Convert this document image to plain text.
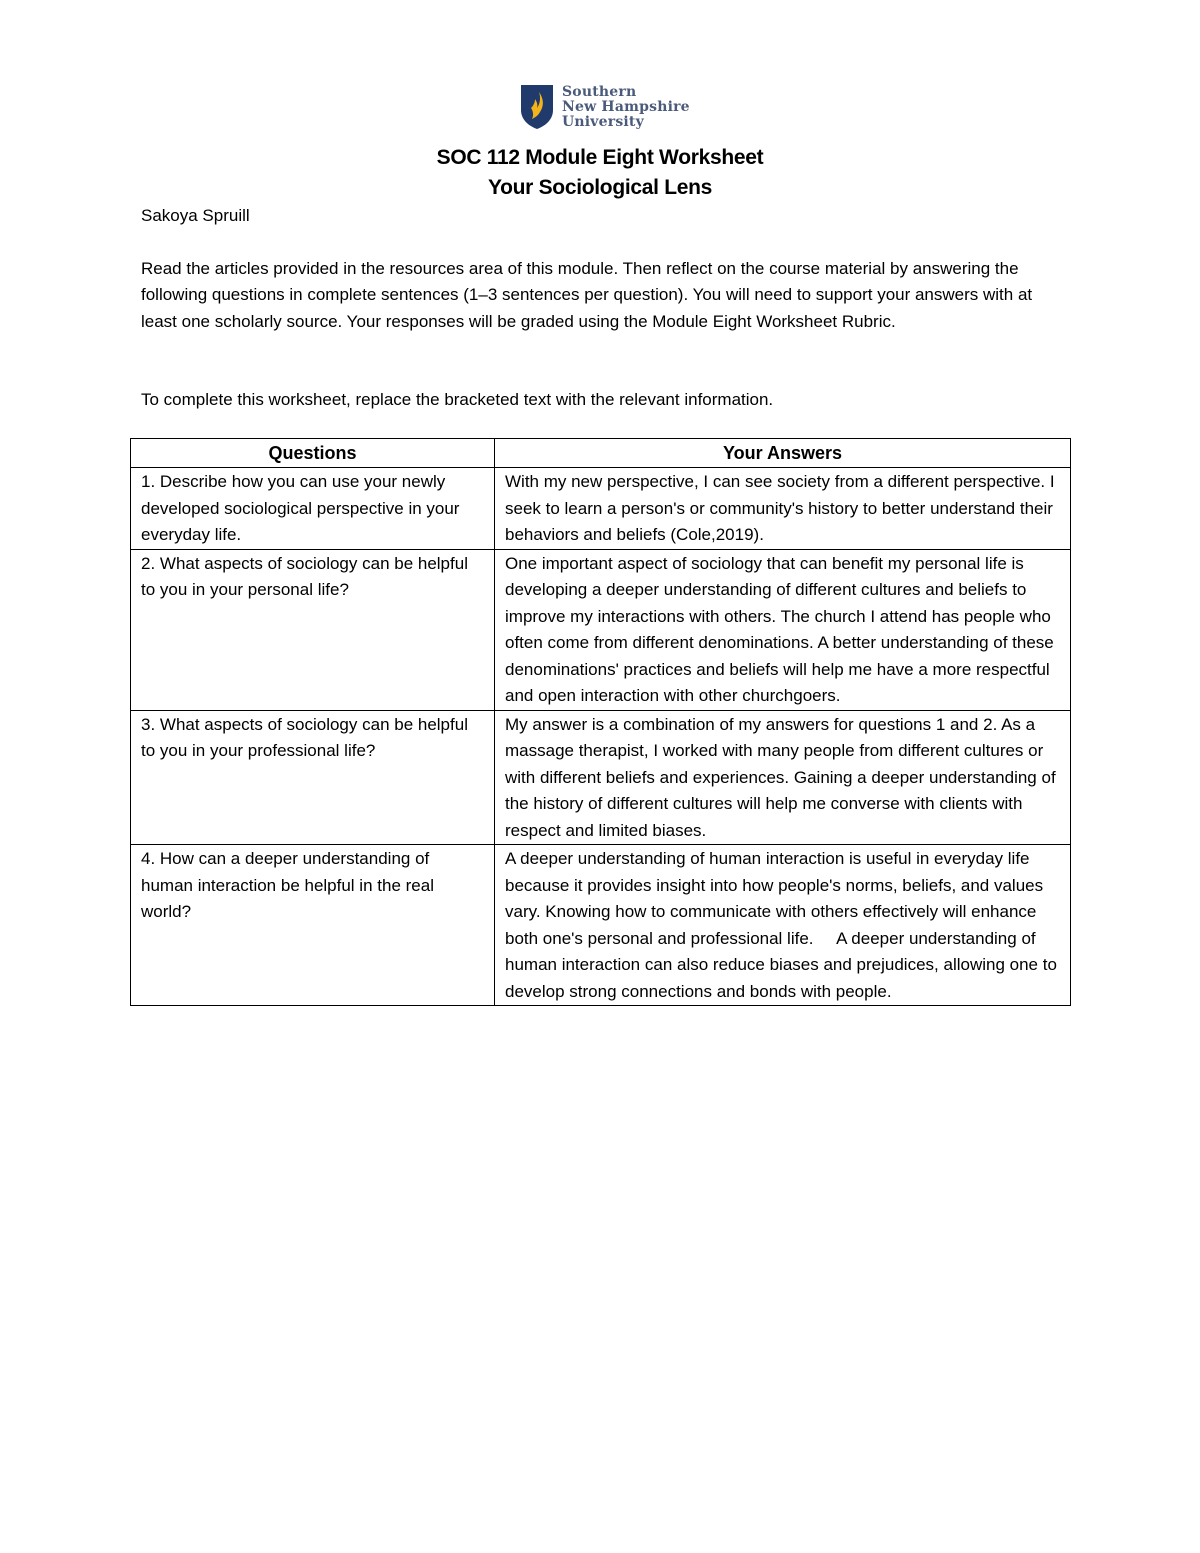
Southern
New Hampshire
University
SOC 112 Module Eight Worksheet
Your Sociological Lens
Sakoya Spruill
Read the articles provided in the resources area of this module. Then reflect on the course material by answering the following questions in complete sentences (1–3 sentences per question). You will need to support your answers with at least one scholarly source. Your responses will be graded using the Module Eight Worksheet Rubric.
To complete this worksheet, replace the bracketed text with the relevant information.
Questions	Your Answers
1. Describe how you can use your newly developed sociological perspective in your everyday life.	With my new perspective, I can see society from a different perspective. I seek to learn a person's or community's history to better understand their behaviors and beliefs (Cole,2019).
2. What aspects of sociology can be helpful to you in your personal life?	One important aspect of sociology that can benefit my personal life is developing a deeper understanding of different cultures and beliefs to improve my interactions with others. The church I attend has people who often come from different denominations. A better understanding of these denominations' practices and beliefs will help me have a more respectful and open interaction with other churchgoers.
3. What aspects of sociology can be helpful to you in your professional life?	My answer is a combination of my answers for questions 1 and 2. As a massage therapist, I worked with many people from different cultures or with different beliefs and experiences. Gaining a deeper understanding of the history of different cultures will help me converse with clients with respect and limited biases.
4. How can a deeper understanding of human interaction be helpful in the real world?	A deeper understanding of human interaction is useful in everyday life because it provides insight into how people's norms, beliefs, and values vary. Knowing how to communicate with others effectively will enhance both one's personal and professional life.     A deeper understanding of human interaction can also reduce biases and prejudices, allowing one to develop strong connections and bonds with people.
